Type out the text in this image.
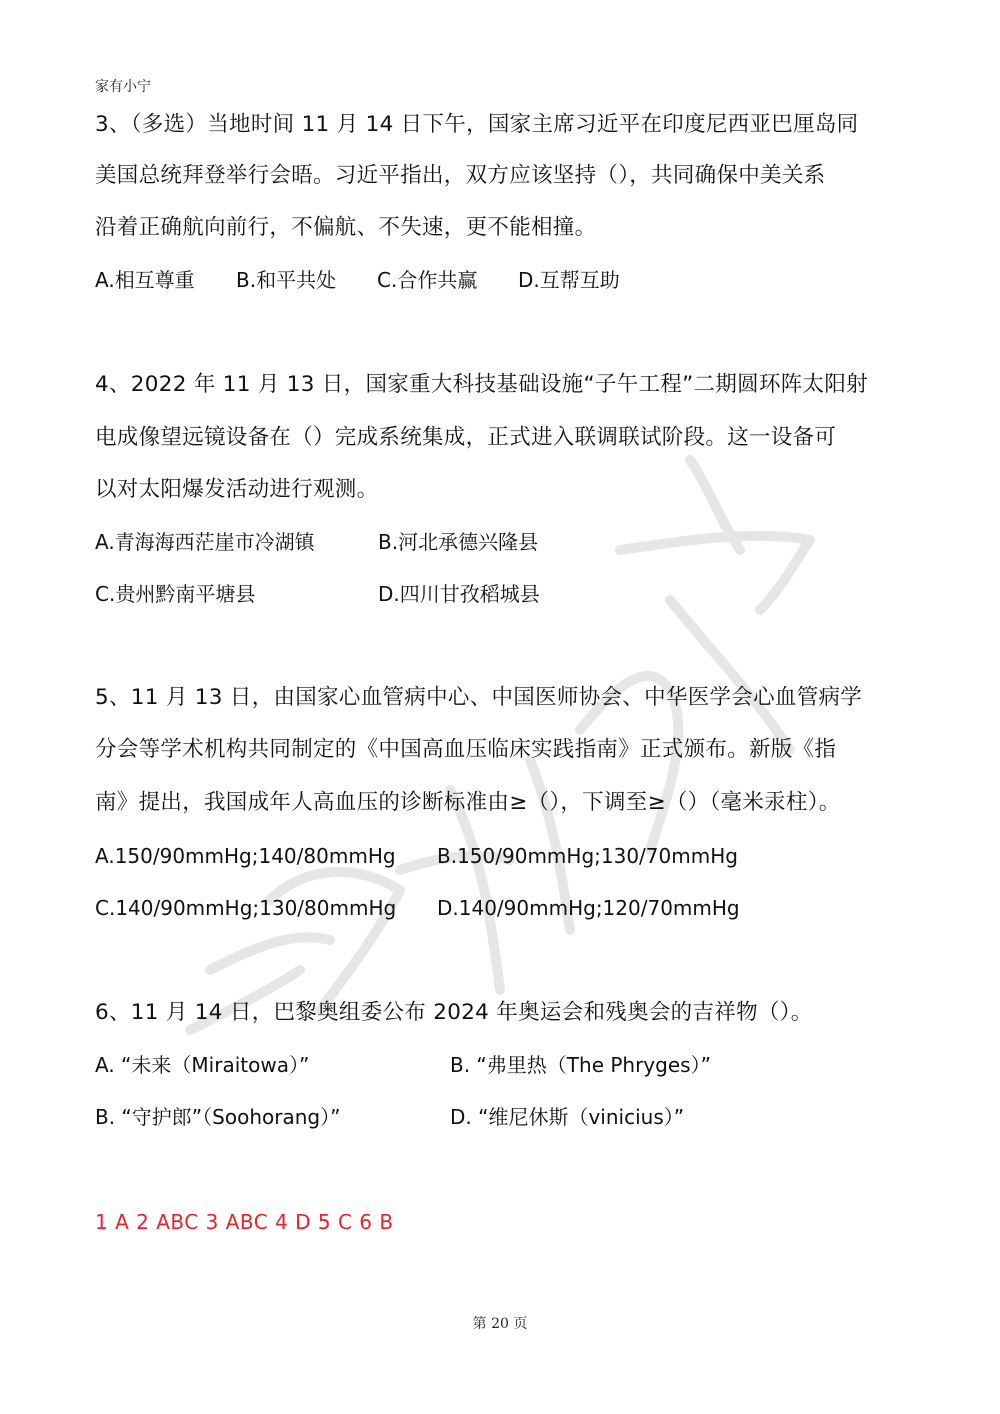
家有小宁
3、（多选）当地时间 11 月 14 日下午，国家主席习近平在印度尼西亚巴厘岛同
美国总统拜登举行会晤。习近平指出，双方应该坚持（），共同确保中美关系
沿着正确航向前行，不偏航、不失速，更不能相撞。
A.相互尊重 B.和平共处 C.合作共赢 D.互帮互助
4、2022 年 11 月 13 日，国家重大科技基础设施“子午工程”二期圆环阵太阳射
电成像望远镜设备在（）完成系统集成，正式进入联调联试阶段。这一设备可
以对太阳爆发活动进行观测。
A.青海海西茫崖市冷湖镇	B.河北承德兴隆县
C.贵州黔南平塘县	D.四川甘孜稻城县
5、11 月 13 日，由国家心血管病中心、中国医师协会、中华医学会心血管病学
分会等学术机构共同制定的《中国高血压临床实践指南》正式颁布。新版《指
南》提出，我国成年人高血压的诊断标准由≥（），下调至≥（）（毫米汞柱）。
A.150/90mmHg;140/80mmHg B.150/90mmHg;130/70mmHg
C.140/90mmHg;130/80mmHg D.140/90mmHg;120/70mmHg
6、11 月 14 日，巴黎奥组委公布 2024 年奥运会和残奥会的吉祥物（）。
A. “未来（Miraitowa）”	B. “弗里热（The Phryges）”
B. “守护郎”（Soohorang）”	D. “维尼休斯（vinicius）”
1 A 2 ABC 3 ABC 4 D 5 C 6 B
第 20 页
